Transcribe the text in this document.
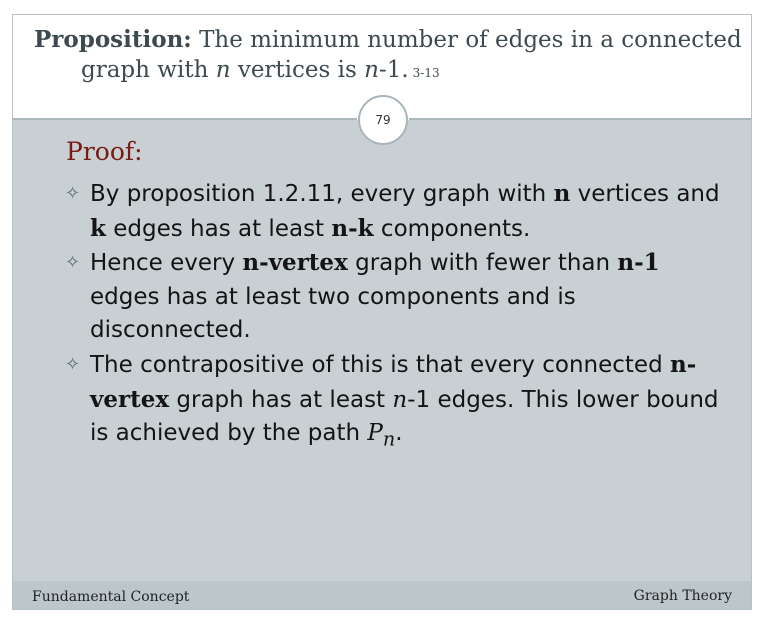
Proposition: The minimum number of edges in a connected
graph with n vertices is n-1. 3-13
79
Proof:
✧ By proposition 1.2.11, every graph with n vertices and k edges has at least n-k components.
✧ Hence every n-vertex graph with fewer than n-1 edges has at least two components and is disconnected.
✧ The contrapositive of this is that every connected n-vertex graph has at least n-1 edges. This lower bound is achieved by the path $P_n$.
Fundamental Concept	Graph Theory
